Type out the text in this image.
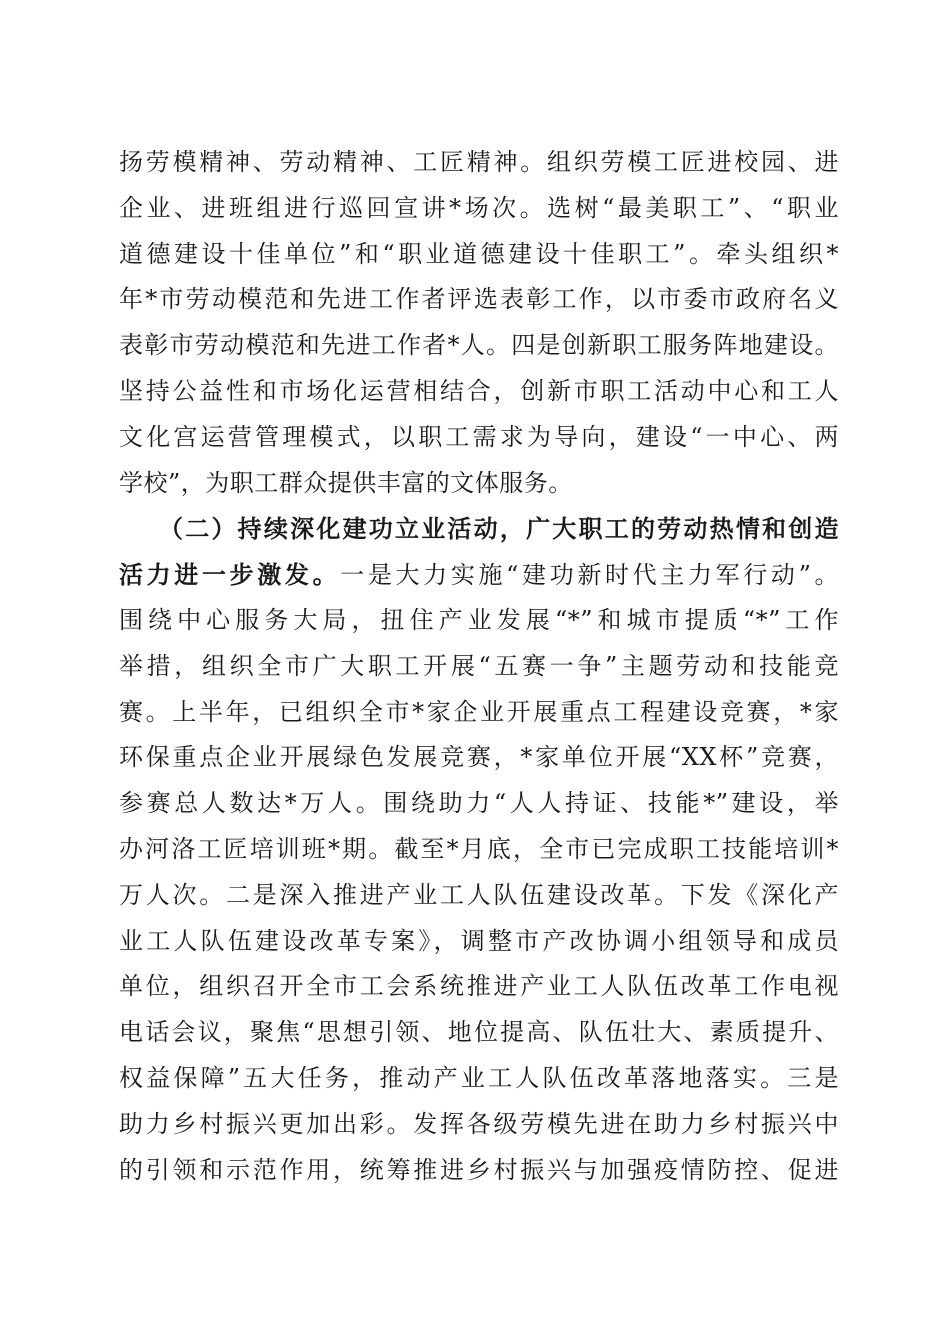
扬劳模精神、劳动精神、工匠精神。组织劳模工匠进校园、进
企业、进班组进行巡回宣讲*场次。选树“最美职工”、“职业
道德建设十佳单位”和“职业道德建设十佳职工”。牵头组织*
年*市劳动模范和先进工作者评选表彰工作，以市委市政府名义
表彰市劳动模范和先进工作者*人。四是创新职工服务阵地建设。
坚持公益性和市场化运营相结合，创新市职工活动中心和工人
文化宫运营管理模式，以职工需求为导向，建设“一中心、两
学校”，为职工群众提供丰富的文体服务。
（二）持续深化建功立业活动，广大职工的劳动热情和创造
活力进一步激发。一是大力实施“建功新时代主力军行动”。
围绕中心服务大局，扭住产业发展“*”和城市提质“*”工作
举措，组织全市广大职工开展“五赛一争”主题劳动和技能竞
赛。上半年，已组织全市*家企业开展重点工程建设竞赛，*家
环保重点企业开展绿色发展竞赛，*家单位开展“XX杯”竞赛，
参赛总人数达*万人。围绕助力“人人持证、技能*”建设，举
办河洛工匠培训班*期。截至*月底，全市已完成职工技能培训*
万人次。二是深入推进产业工人队伍建设改革。下发《深化产
业工人队伍建设改革专案》，调整市产改协调小组领导和成员
单位，组织召开全市工会系统推进产业工人队伍改革工作电视
电话会议，聚焦“思想引领、地位提高、队伍壮大、素质提升、
权益保障”五大任务，推动产业工人队伍改革落地落实。三是
助力乡村振兴更加出彩。发挥各级劳模先进在助力乡村振兴中
的引领和示范作用，统筹推进乡村振兴与加强疫情防控、促进
